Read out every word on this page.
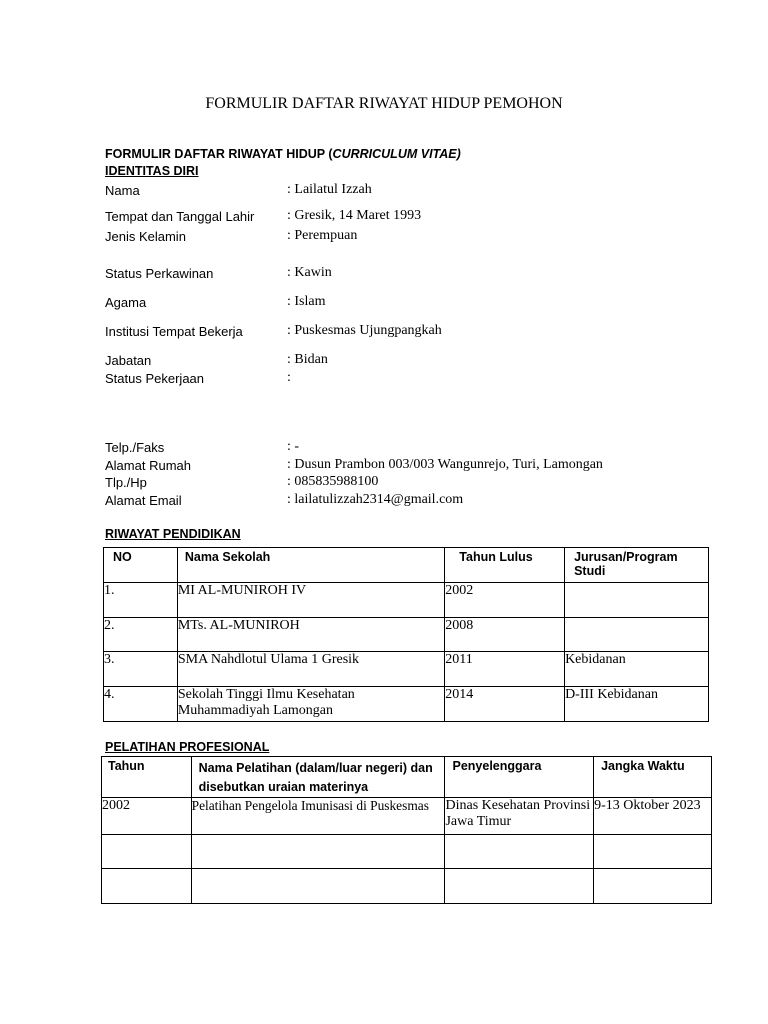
FORMULIR DAFTAR RIWAYAT HIDUP PEMOHON
FORMULIR DAFTAR RIWAYAT HIDUP (CURRICULUM VITAE)
IDENTITAS DIRI
Nama	: Lailatul Izzah
Tempat dan Tanggal Lahir : Gresik, 14 Maret 1993
Jenis Kelamin	: Perempuan
Status Perkawinan	: Kawin
Agama	: Islam
Institusi Tempat Bekerja	: Puskesmas Ujungpangkah
Jabatan	: Bidan
Status Pekerjaan	:
Telp./Faks	: -
Alamat Rumah	: Dusun Prambon 003/003 Wangunrejo, Turi, Lamongan
Tlp./Hp	: 085835988100
Alamat Email	: lailatulizzah2314@gmail.com
RIWAYAT PENDIDIKAN
NO	Nama Sekolah	Tahun Lulus	Jurusan/Program Studi
1.	MI AL-MUNIROH IV	2002	
2.	MTs. AL-MUNIROH	2008	
3.	SMA Nahdlotul Ulama 1 Gresik	2011	Kebidanan
4.	Sekolah Tinggi Ilmu Kesehatan Muhammadiyah Lamongan	2014	D-III Kebidanan
PELATIHAN PROFESIONAL
Tahun	Nama Pelatihan (dalam/luar negeri) dan disebutkan uraian materinya	Penyelenggara	Jangka Waktu
2002	Pelatihan Pengelola Imunisasi di Puskesmas	Dinas Kesehatan Provinsi Jawa Timur	9-13 Oktober 2023
